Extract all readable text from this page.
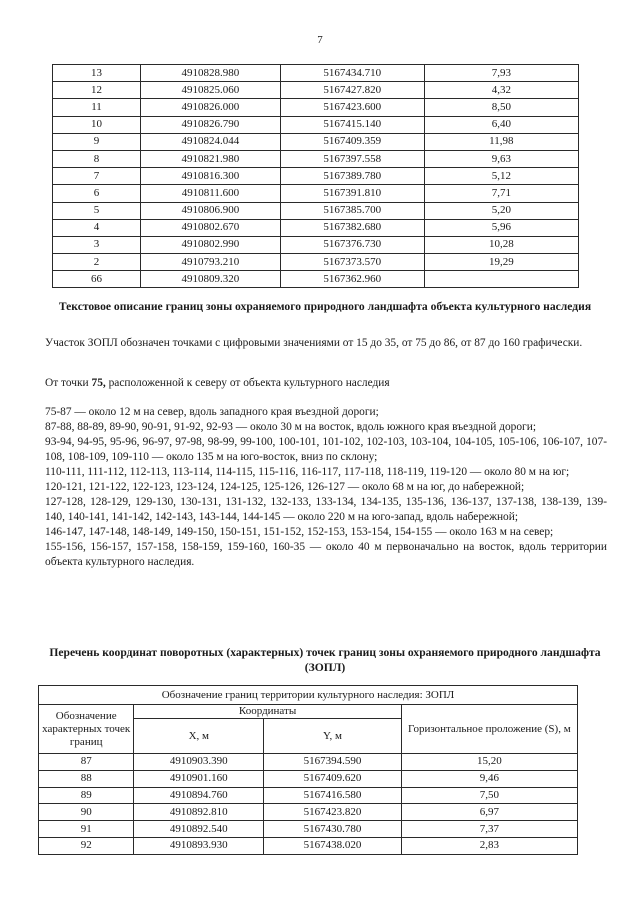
7
13	4910828.980	5167434.710	7,93
12	4910825.060	5167427.820	4,32
11	4910826.000	5167423.600	8,50
10	4910826.790	5167415.140	6,40
9	4910824.044	5167409.359	11,98
8	4910821.980	5167397.558	9,63
7	4910816.300	5167389.780	5,12
6	4910811.600	5167391.810	7,71
5	4910806.900	5167385.700	5,20
4	4910802.670	5167382.680	5,96
3	4910802.990	5167376.730	10,28
2	4910793.210	5167373.570	19,29
66	4910809.320	5167362.960	
Текстовое описание границ зоны охраняемого природного ландшафта объекта культурного наследия
Участок ЗОПЛ обозначен точками с цифровыми значениями от 15 до 35, от 75 до 86, от 87 до 160 графически.
От точки 75, расположенной к северу от объекта культурного наследия
75-87 — около 12 м на север, вдоль западного края въездной дороги;
87-88, 88-89, 89-90, 90-91, 91-92, 92-93 — около 30 м на восток, вдоль южного края въездной дороги;
93-94, 94-95, 95-96, 96-97, 97-98, 98-99, 99-100, 100-101, 101-102, 102-103, 103-104, 104-105, 105-106, 106-107, 107-108, 108-109, 109-110 — около 135 м на юго-восток, вниз по склону;
110-111, 111-112, 112-113, 113-114, 114-115, 115-116, 116-117, 117-118, 118-119, 119-120 — около 80 м на юг;
120-121, 121-122, 122-123, 123-124, 124-125, 125-126, 126-127 — около 68 м на юг, до набережной;
127-128, 128-129, 129-130, 130-131, 131-132, 132-133, 133-134, 134-135, 135-136, 136-137, 137-138, 138-139, 139-140, 140-141, 141-142, 142-143, 143-144, 144-145 — около 220 м на юго-запад, вдоль набережной;
146-147, 147-148, 148-149, 149-150, 150-151, 151-152, 152-153, 153-154, 154-155 — около 163 м на север;
155-156, 156-157, 157-158, 158-159, 159-160, 160-35 — около 40 м первоначально на восток, вдоль территории объекта культурного наследия.
Перечень координат поворотных (характерных) точек границ зоны охраняемого природного ландшафта (ЗОПЛ)
Обозначение границ территории культурного наследия: ЗОПЛ			
Обозначение характерных точек границ	Координаты		Горизонтальное проложение (S), м
	X, м	Y, м	
87	4910903.390	5167394.590	15,20
88	4910901.160	5167409.620	9,46
89	4910894.760	5167416.580	7,50
90	4910892.810	5167423.820	6,97
91	4910892.540	5167430.780	7,37
92	4910893.930	5167438.020	2,83
